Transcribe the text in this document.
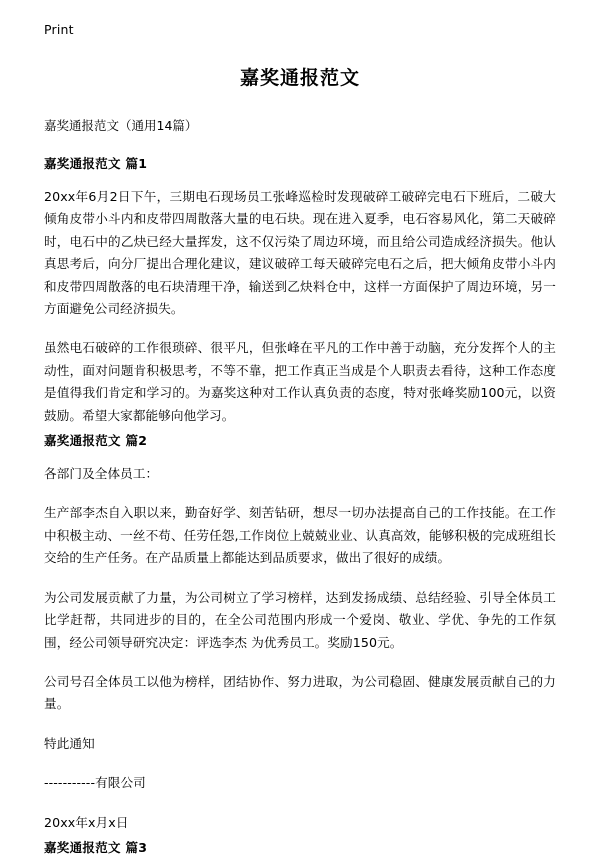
Print
嘉奖通报范文
嘉奖通报范文（通用14篇）
嘉奖通报范文 篇1

20xx年6月2日下午，三期电石现场员工张峰巡检时发现破碎工破碎完电石下班后，二破大倾角皮带小斗内和皮带四周散落大量的电石块。现在进入夏季，电石容易风化，第二天破碎时，电石中的乙炔已经大量挥发，这不仅污染了周边环境，而且给公司造成经济损失。他认真思考后，向分厂提出合理化建议，建议破碎工每天破碎完电石之后，把大倾角皮带小斗内和皮带四周散落的电石块清理干净，输送到乙炔料仓中，这样一方面保护了周边环境，另一方面避免公司经济损失。

虽然电石破碎的工作很琐碎、很平凡，但张峰在平凡的工作中善于动脑，充分发挥个人的主动性，面对问题肯积极思考，不等不靠，把工作真正当成是个人职责去看待，这种工作态度是值得我们肯定和学习的。为嘉奖这种对工作认真负责的态度，特对张峰奖励100元，以资鼓励。希望大家都能够向他学习。

嘉奖通报范文 篇2

各部门及全体员工：

生产部李杰自入职以来，勤奋好学、刻苦钻研，想尽一切办法提高自己的工作技能。在工作中积极主动、一丝不苟、任劳任怨,工作岗位上兢兢业业、认真高效，能够积极的完成班组长交给的生产任务。在产品质量上都能达到品质要求，做出了很好的成绩。

为公司发展贡献了力量，为公司树立了学习榜样，达到发扬成绩、总结经验、引导全体员工比学赶帮，共同进步的目的，在全公司范围内形成一个爱岗、敬业、学优、争先的工作氛围，经公司领导研究决定：评选李杰 为优秀员工。奖励150元。

公司号召全体员工以他为榜样，团结协作、努力进取，为公司稳固、健康发展贡献自己的力量。

特此通知

-----------有限公司

20xx年x月x日

嘉奖通报范文 篇3
